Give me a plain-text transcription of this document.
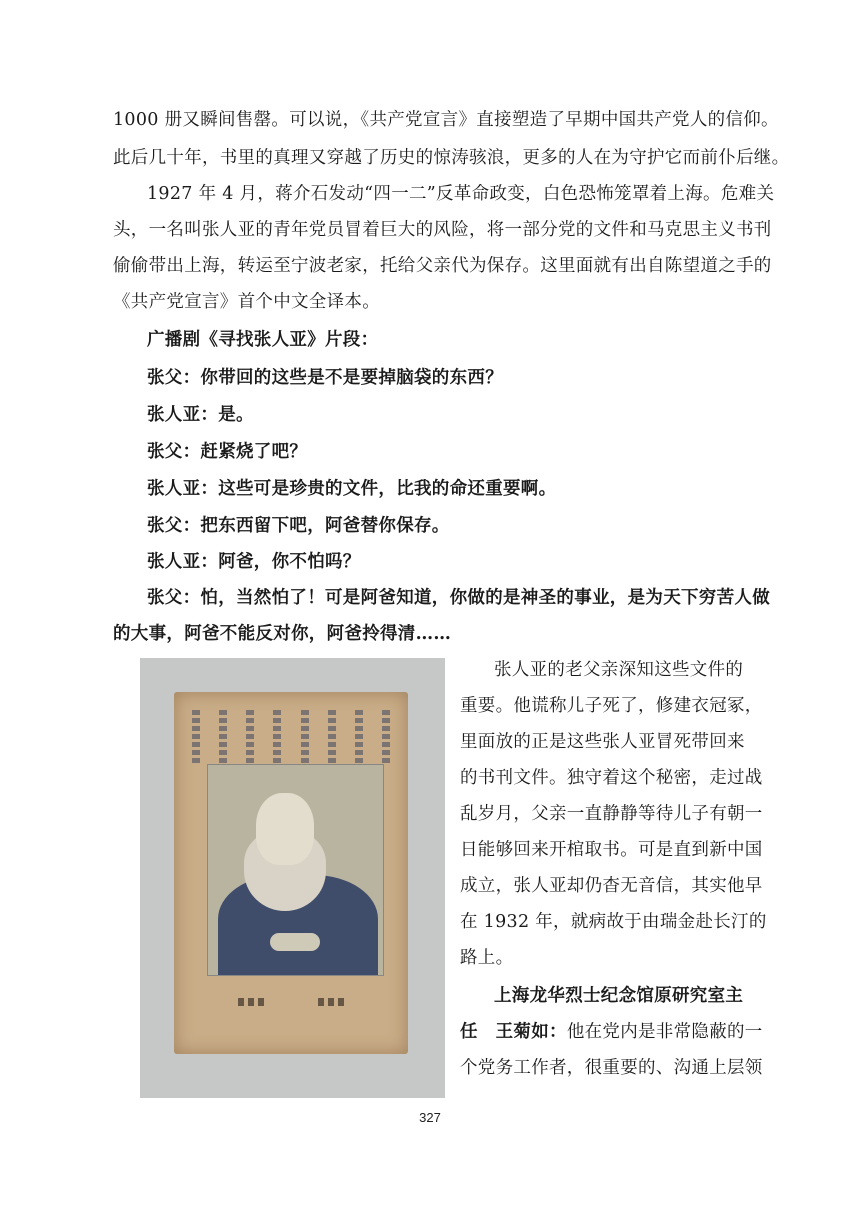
1000 册又瞬间售罄。可以说，《共产党宣言》直接塑造了早期中国共产党人的信仰。
此后几十年，书里的真理又穿越了历史的惊涛骇浪，更多的人在为守护它而前仆后继。
1927 年 4 月，蒋介石发动“四一二”反革命政变，白色恐怖笼罩着上海。危难关
头，一名叫张人亚的青年党员冒着巨大的风险，将一部分党的文件和马克思主义书刊
偷偷带出上海，转运至宁波老家，托给父亲代为保存。这里面就有出自陈望道之手的
《共产党宣言》首个中文全译本。
广播剧《寻找张人亚》片段：
张父：你带回的这些是不是要掉脑袋的东西？
张人亚：是。
张父：赶紧烧了吧？
张人亚：这些可是珍贵的文件，比我的命还重要啊。
张父：把东西留下吧，阿爸替你保存。
张人亚：阿爸，你不怕吗？
张父：怕，当然怕了！可是阿爸知道，你做的是神圣的事业，是为天下穷苦人做
的大事，阿爸不能反对你，阿爸拎得清……
张人亚的老父亲深知这些文件的
重要。他谎称儿子死了，修建衣冠冢，
里面放的正是这些张人亚冒死带回来
的书刊文件。独守着这个秘密，走过战
乱岁月，父亲一直静静等待儿子有朝一
日能够回来开棺取书。可是直到新中国
成立，张人亚却仍杳无音信，其实他早
在 1932 年，就病故于由瑞金赴长汀的
路上。
上海龙华烈士纪念馆原研究室主
任　王菊如：他在党内是非常隐蔽的一
个党务工作者，很重要的、沟通上层领
327
